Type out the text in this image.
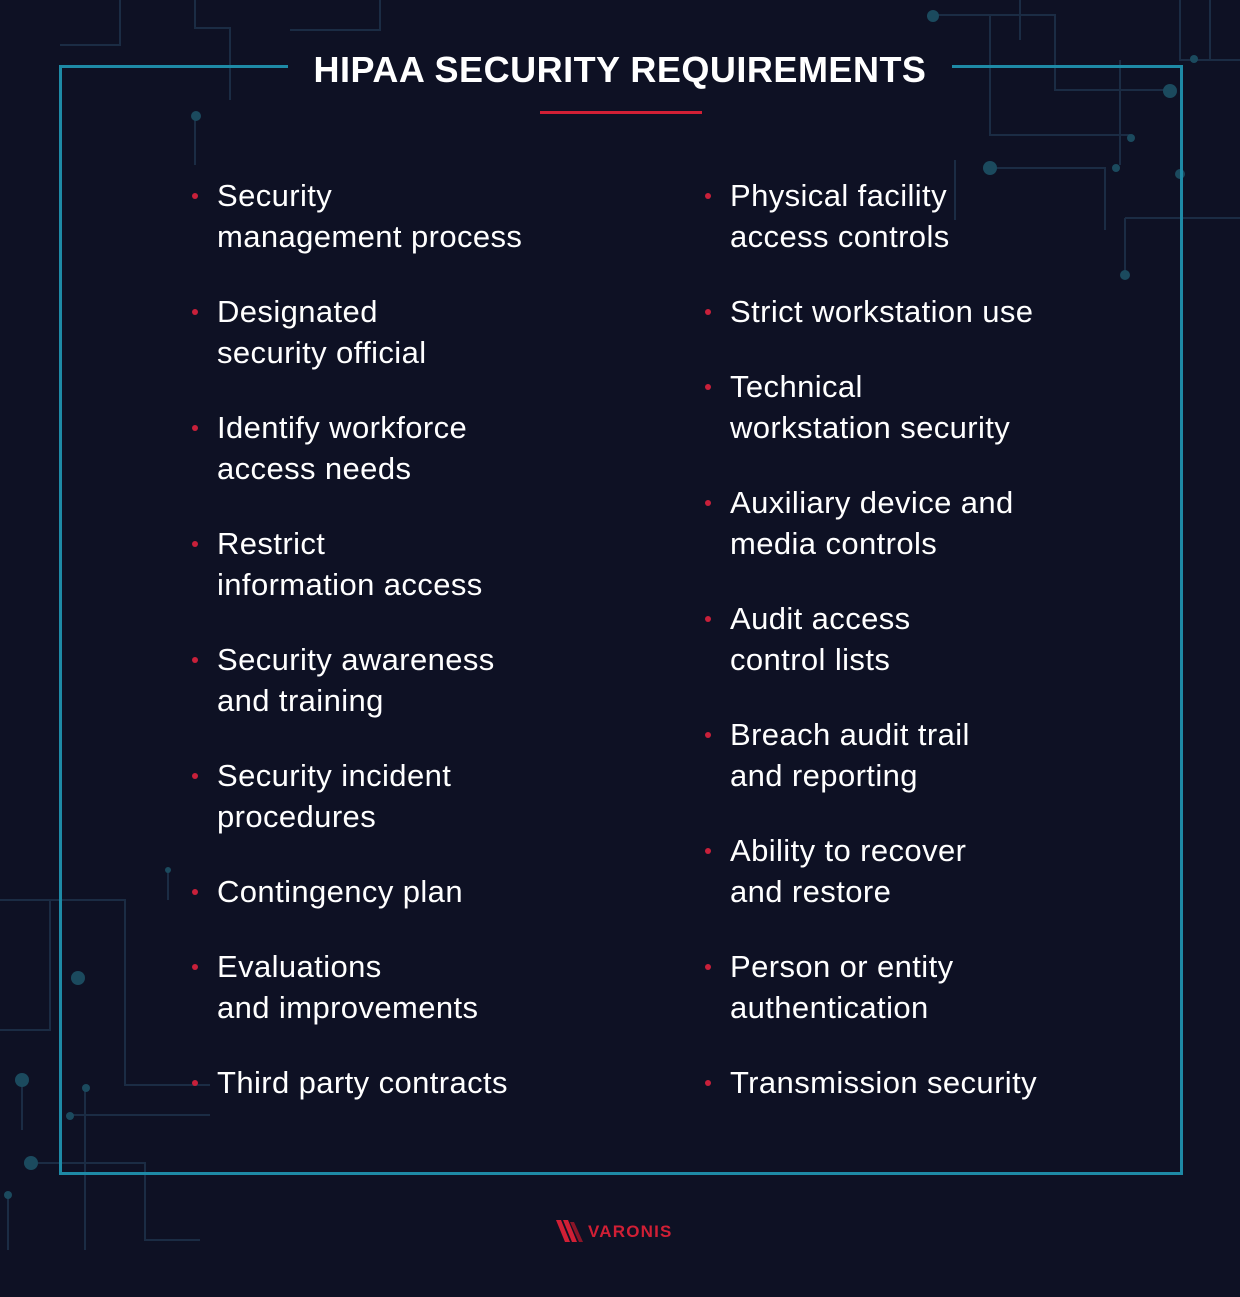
HIPAA SECURITY REQUIREMENTS
Security
management process
Designated
security official
Identify workforce
access needs
Restrict
information access
Security awareness
and training
Security incident
procedures
Contingency plan
Evaluations
and improvements
Third party contracts
Physical facility
access controls
Strict workstation use
Technical
workstation security
Auxiliary device and
media controls
Audit access
control lists
Breach audit trail
and reporting
Ability to recover
and restore
Person or entity
authentication
Transmission security
VARONIS
